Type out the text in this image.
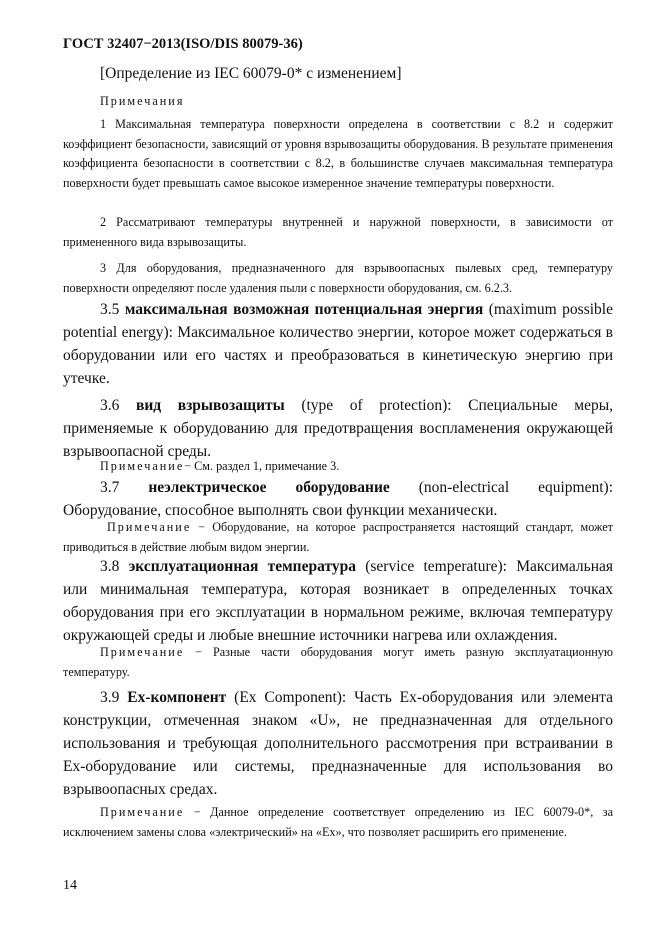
ГОСТ 32407−2013(ISO/DIS 80079-36)
[Определение из IEC 60079-0* с изменением]
Примечания
1 Максимальная температура поверхности определена в соответствии с 8.2 и содержит коэффициент безопасности, зависящий от уровня взрывозащиты оборудования. В результате применения коэффициента безопасности в соответствии с 8.2, в большинстве случаев максимальная температура поверхности будет превышать самое высокое измеренное значение температуры поверхности.
2 Рассматривают температуры внутренней и наружной поверхности, в зависимости от примененного вида взрывозащиты.
3 Для оборудования, предназначенного для взрывоопасных пылевых сред, температуру поверхности определяют после удаления пыли с поверхности оборудования, см. 6.2.3.
3.5 максимальная возможная потенциальная энергия (maximum possible potential energy): Максимальное количество энергии, которое может содержаться в оборудовании или его частях и преобразоваться в кинетическую энергию при утечке.
3.6 вид взрывозащиты (type of protection): Специальные меры, применяемые к оборудованию для предотвращения воспламенения окружающей взрывоопасной среды.
Примечание− См. раздел 1, примечание 3.
3.7 неэлектрическое оборудование (non-electrical equipment): Оборудование, способное выполнять свои функции механически.
Примечание − Оборудование, на которое распространяется настоящий стандарт, может приводиться в действие любым видом энергии.
3.8 эксплуатационная температура (service temperature): Максимальная или минимальная температура, которая возникает в определенных точках оборудования при его эксплуатации в нормальном режиме, включая температуру окружающей среды и любые внешние источники нагрева или охлаждения.
Примечание − Разные части оборудования могут иметь разную эксплуатационную температуру.
3.9 Ex-компонент (Ex Component): Часть Ex-оборудования или элемента конструкции, отмеченная знаком «U», не предназначенная для отдельного использования и требующая дополнительного рассмотрения при встраивании в Ex-оборудование или системы, предназначенные для использования во взрывоопасных средах.
Примечание − Данное определение соответствует определению из IEC 60079-0*, за исключением замены слова «электрический» на «Ex», что позволяет расширить его применение.
14
